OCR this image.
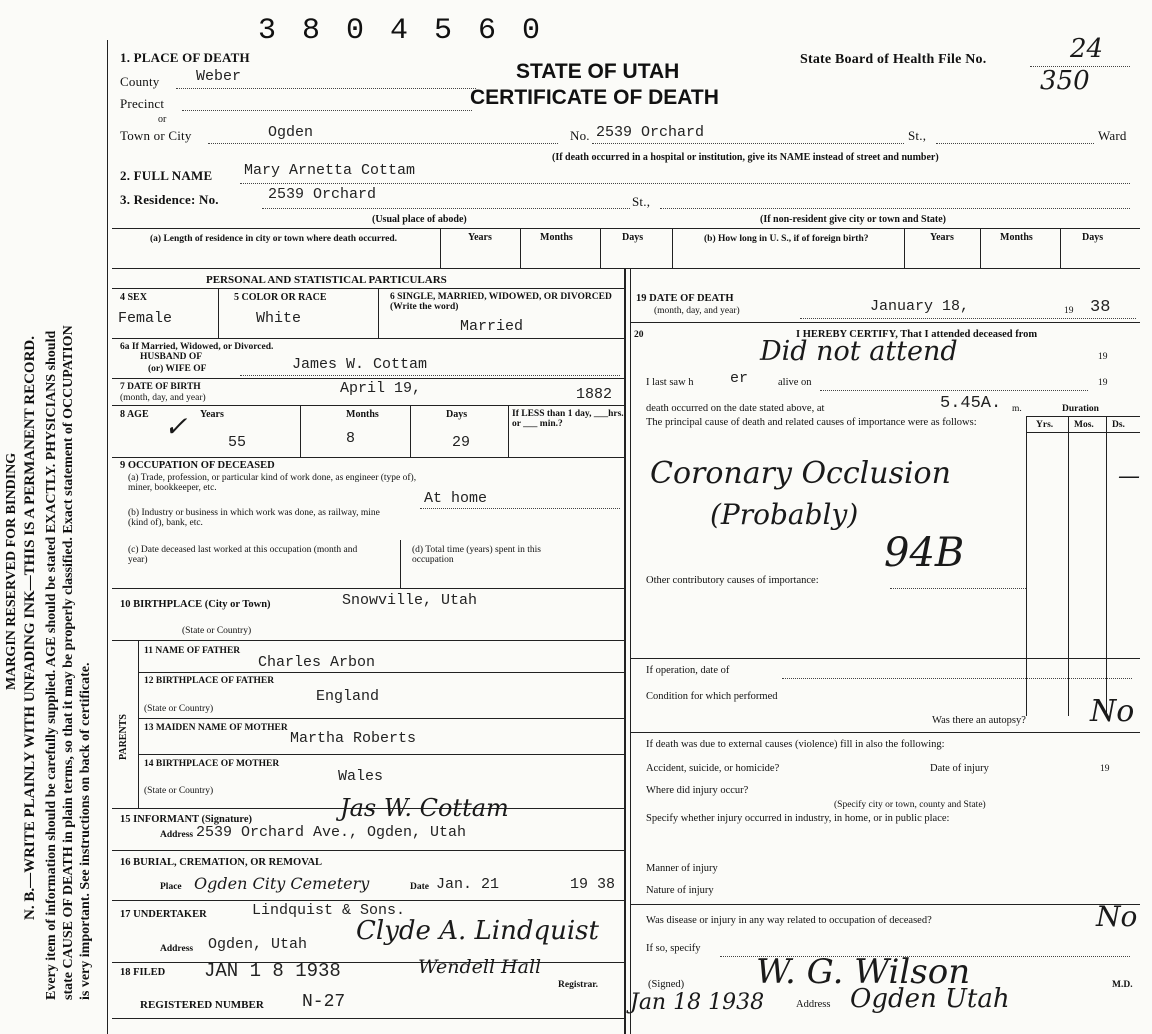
MARGIN RESERVED FOR BINDING N. B.—WRITE PLAINLY WITH UNFADING INK—THIS IS A PERMANENT RECORD. Every item of information should be carefully supplied. AGE should be stated EXACTLY. PHYSICIANS should state CAUSE OF DEATH in plain terms, so that it may be properly classified. Exact statement of OCCUPATION is very important. See instructions on back of certificate.
3 8 0 4 5 6 0
State Board of Health File No.	24
350
STATE OF UTAH
CERTIFICATE OF DEATH
1. PLACE OF DEATH
County Weber
Precinct
or
Town or City	Ogden	No. 2539 Orchard	St.,	Ward
(If death occurred in a hospital or institution, give its NAME instead of street and number)
2. FULL NAME Mary Arnetta Cottam
3. Residence: No.	2539 Orchard	St.,
(Usual place of abode)	(If non-resident give city or town and State)
(a) Length of residence in city or town where death occurred.	Years	Months	Days	(b) How long in U. S., if of foreign birth?	Years	Months	Days
PERSONAL AND STATISTICAL PARTICULARS
4 SEX
Female
5 COLOR OR RACE
White
6 SINGLE, MARRIED, WIDOWED, OR DIVORCED (Write the word)
Married
6a If Married, Widowed, or Divorced.
HUSBAND OF
(or) WIFE OF	James W. Cottam
7 DATE OF BIRTH
(month, day, and year)
April 19,	1882
8 AGE	Years	Months	Days	If LESS than 1 day, ___hrs. or ___ min.?
✓	55	8	29
9 OCCUPATION OF DECEASED
(a) Trade, profession, or particular kind of work done, as engineer (type of), miner, bookkeeper, etc.
At home
(b) Industry or business in which work was done, as railway, mine (kind of), bank, etc.
(c) Date deceased last worked at this occupation (month and year)
(d) Total time (years) spent in this occupation
10 BIRTHPLACE (City or Town)	Snowville, Utah
(State or Country)
PARENTS
11 NAME OF FATHER
Charles Arbon
12 BIRTHPLACE OF FATHER
England
(State or Country)
13 MAIDEN NAME OF MOTHER
Martha Roberts
14 BIRTHPLACE OF MOTHER
Wales
(State or Country)
15 INFORMANT (Signature)	Jas W. Cottam
Address 2539 Orchard Ave., Ogden, Utah
16 BURIAL, CREMATION, OR REMOVAL
Place Ogden City Cemetery	Date Jan. 21	19 38
17 UNDERTAKER	Lindquist & Sons.
Address Ogden, Utah Clyde A. Lindquist
18 FILED JAN 1 8 1938	Wendell Hall
Registrar.
REGISTERED NUMBER N-27
19 DATE OF DEATH
(month, day, and year)	January 18,	19 38
20	I HEREBY CERTIFY, That I attended deceased from
Did not attend	19
I last saw h er	alive on	19
death occurred on the date stated above, at	5.45A. m.	Duration
The principal cause of death and related causes of importance were as follows:	Yrs. Mos. Ds.
Coronary Occlusion
(Probably)
94B
—
Other contributory causes of importance:
If operation, date of
Condition for which performed
Was there an autopsy? No
If death was due to external causes (violence) fill in also the following:
Accident, suicide, or homicide?	Date of injury	19
Where did injury occur?
(Specify city or town, county and State)
Specify whether injury occurred in industry, in home, or in public place:
Manner of injury
Nature of injury
Was disease or injury in any way related to occupation of deceased?	No
If so, specify
(Signed) W. G. Wilson	M.D.
Jan 18 1938	Address Ogden Utah
